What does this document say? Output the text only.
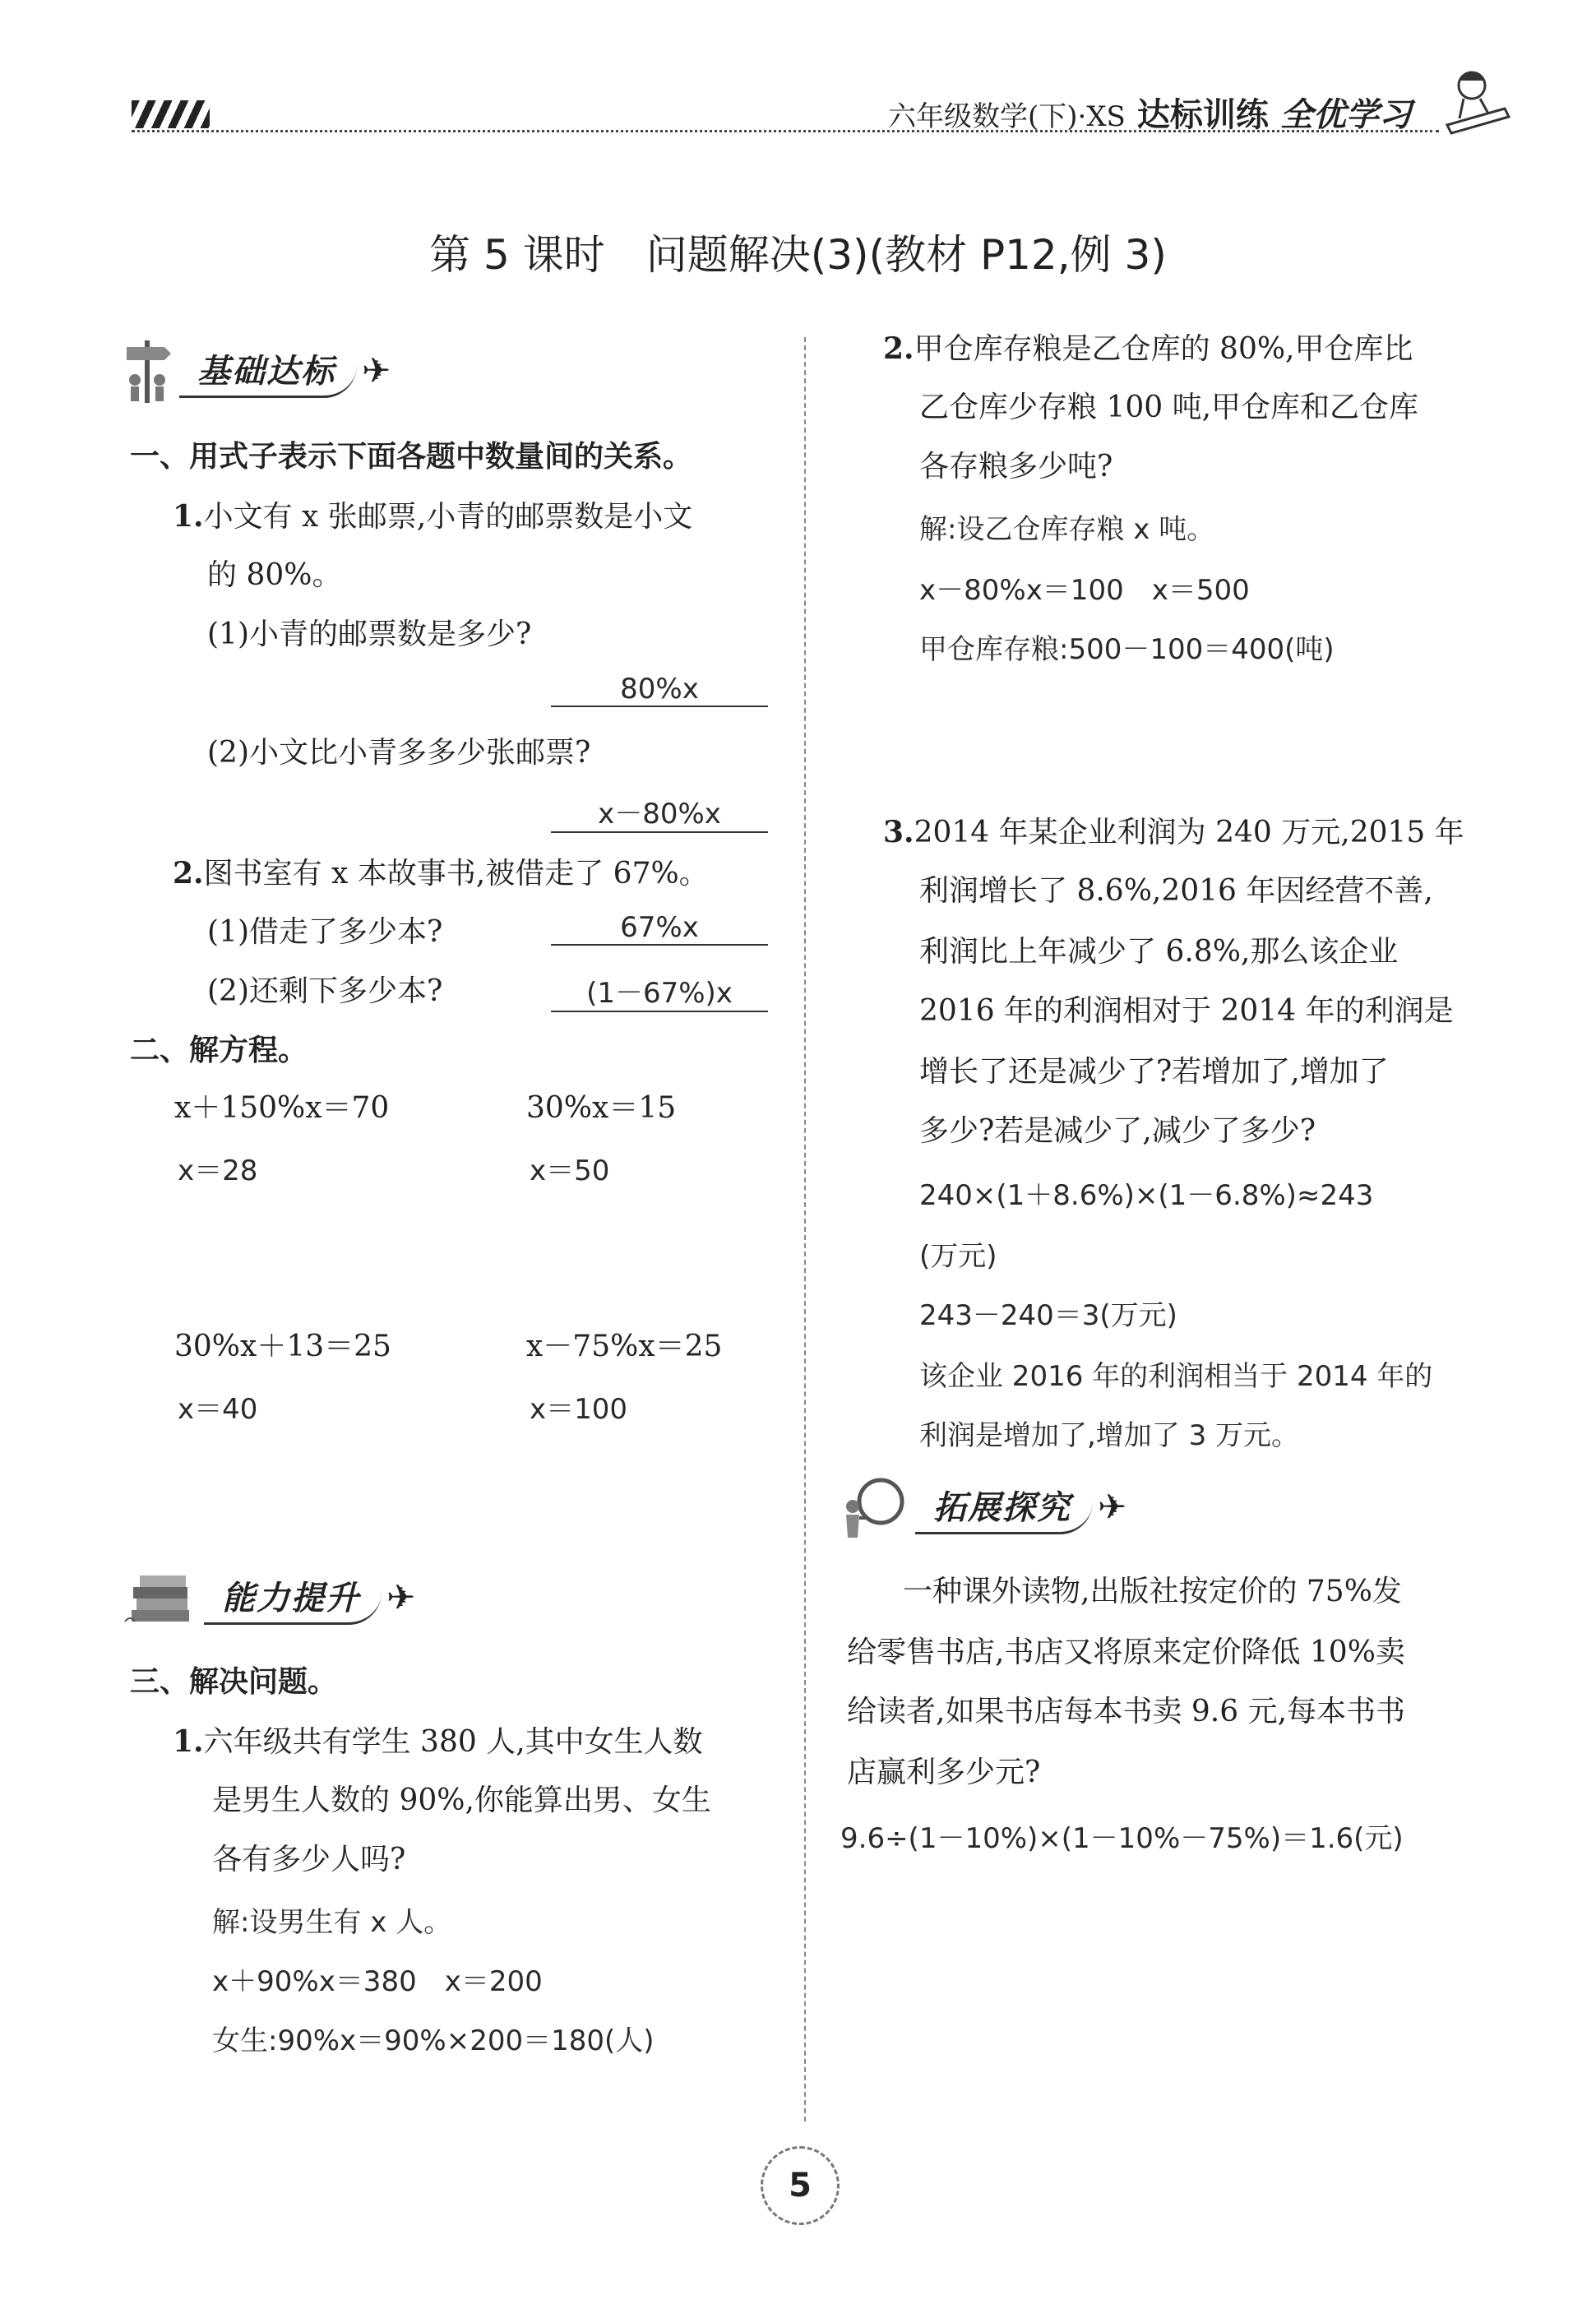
六年级数学(下)·XS 达标训练 全优学习
第 5 课时　问题解决(3)(教材 P12,例 3)
基础达标 ✈
一、用式子表示下面各题中数量间的关系。
1.小文有 x 张邮票,小青的邮票数是小文
的 80%。
(1)小青的邮票数是多少?
80%x
(2)小文比小青多多少张邮票?
x－80%x
2.图书室有 x 本故事书,被借走了 67%。
(1)借走了多少本?	67%x
(2)还剩下多少本?	(1－67%)x
二、解方程。
x＋150%x＝70
x＝28
30%x＝15
x＝50
30%x＋13＝25
x＝40
x－75%x＝25
x＝100
能力提升 ✈
三、解决问题。
1.六年级共有学生 380 人,其中女生人数
是男生人数的 90%,你能算出男、女生
各有多少人吗?
解:设男生有 x 人。
x＋90%x＝380　x＝200
女生:90%x＝90%×200＝180(人)
2.甲仓库存粮是乙仓库的 80%,甲仓库比
乙仓库少存粮 100 吨,甲仓库和乙仓库
各存粮多少吨?
解:设乙仓库存粮 x 吨。
x－80%x＝100　x＝500
甲仓库存粮:500－100＝400(吨)
3.2014 年某企业利润为 240 万元,2015 年
利润增长了 8.6%,2016 年因经营不善,
利润比上年减少了 6.8%,那么该企业
2016 年的利润相对于 2014 年的利润是
增长了还是减少了?若增加了,增加了
多少?若是减少了,减少了多少?
240×(1＋8.6%)×(1－6.8%)≈243
(万元)
243－240＝3(万元)
该企业 2016 年的利润相当于 2014 年的
利润是增加了,增加了 3 万元。
拓展探究 ✈
一种课外读物,出版社按定价的 75%发
给零售书店,书店又将原来定价降低 10%卖
给读者,如果书店每本书卖 9.6 元,每本书书
店赢利多少元?
9.6÷(1－10%)×(1－10%－75%)＝1.6(元)
5
